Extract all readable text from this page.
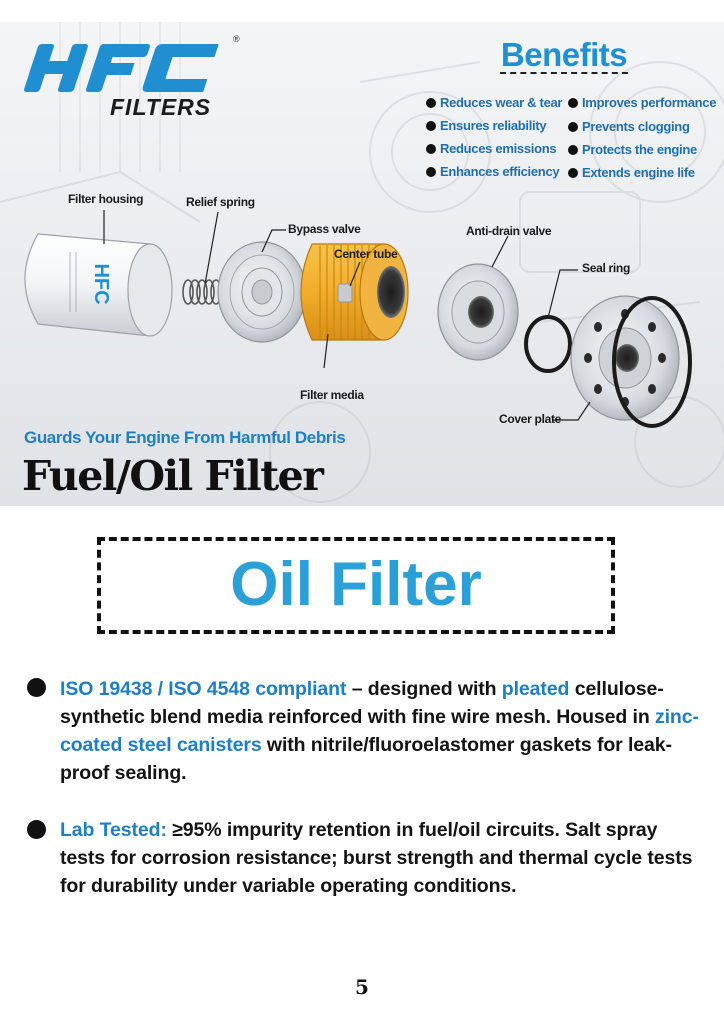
®
FILTERS
Benefits
Reduces wear & tear
Ensures reliability
Reduces emissions
Enhances efficiency
Improves performance
Prevents clogging
Protects the engine
Extends engine life
HFC
Filter housing	Relief spring
Bypass valve
Center tube
Filter media
Anti-drain valve
Seal ring
Cover plate
Guards Your Engine From Harmful Debris
Fuel/Oil Filter
Oil Filter

ISO 19438 / ISO 4548 compliant – designed with pleated cellulose-synthetic blend media reinforced with fine wire mesh. Housed in zinc-coated steel canisters with nitrile/fluoroelastomer gaskets for leak-proof sealing.

Lab Tested: ≥95% impurity retention in fuel/oil circuits. Salt spray tests for corrosion resistance; burst strength and thermal cycle tests for durability under variable operating conditions.

5
